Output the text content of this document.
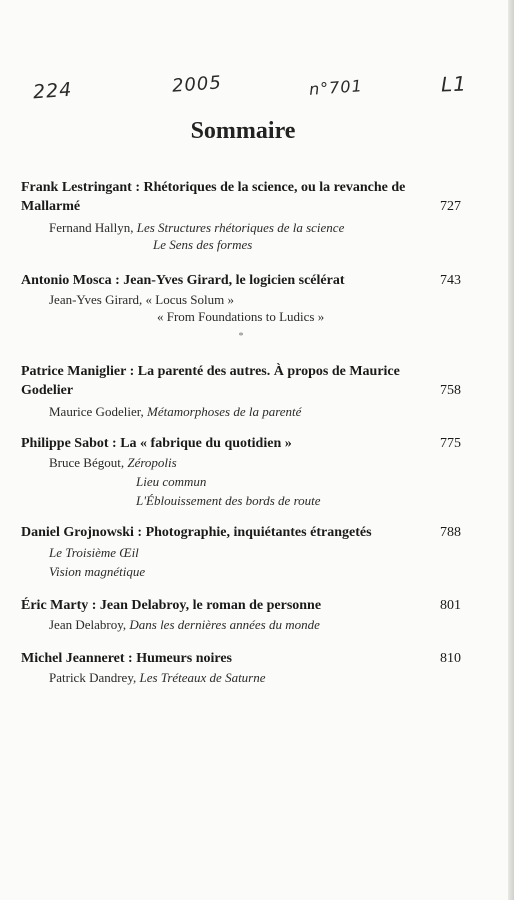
224	2005	n°701	L1
Sommaire
Frank Lestringant : Rhétoriques de la science, ou la revanche de Mallarmé	727
Fernand Hallyn, Les Structures rhétoriques de la science
Le Sens des formes
Antonio Mosca : Jean-Yves Girard, le logicien scélérat	743
Jean-Yves Girard, « Locus Solum »
« From Foundations to Ludics »
*
Patrice Maniglier : La parenté des autres. À propos de Maurice Godelier	758
Maurice Godelier, Métamorphoses de la parenté
Philippe Sabot : La « fabrique du quotidien »	775
Bruce Bégout, Zéropolis
Lieu commun
L'Éblouissement des bords de route
Daniel Grojnowski : Photographie, inquiétantes étrangetés	788
Le Troisième Œil
Vision magnétique
Éric Marty : Jean Delabroy, le roman de personne	801
Jean Delabroy, Dans les dernières années du monde
Michel Jeanneret : Humeurs noires	810
Patrick Dandrey, Les Tréteaux de Saturne
